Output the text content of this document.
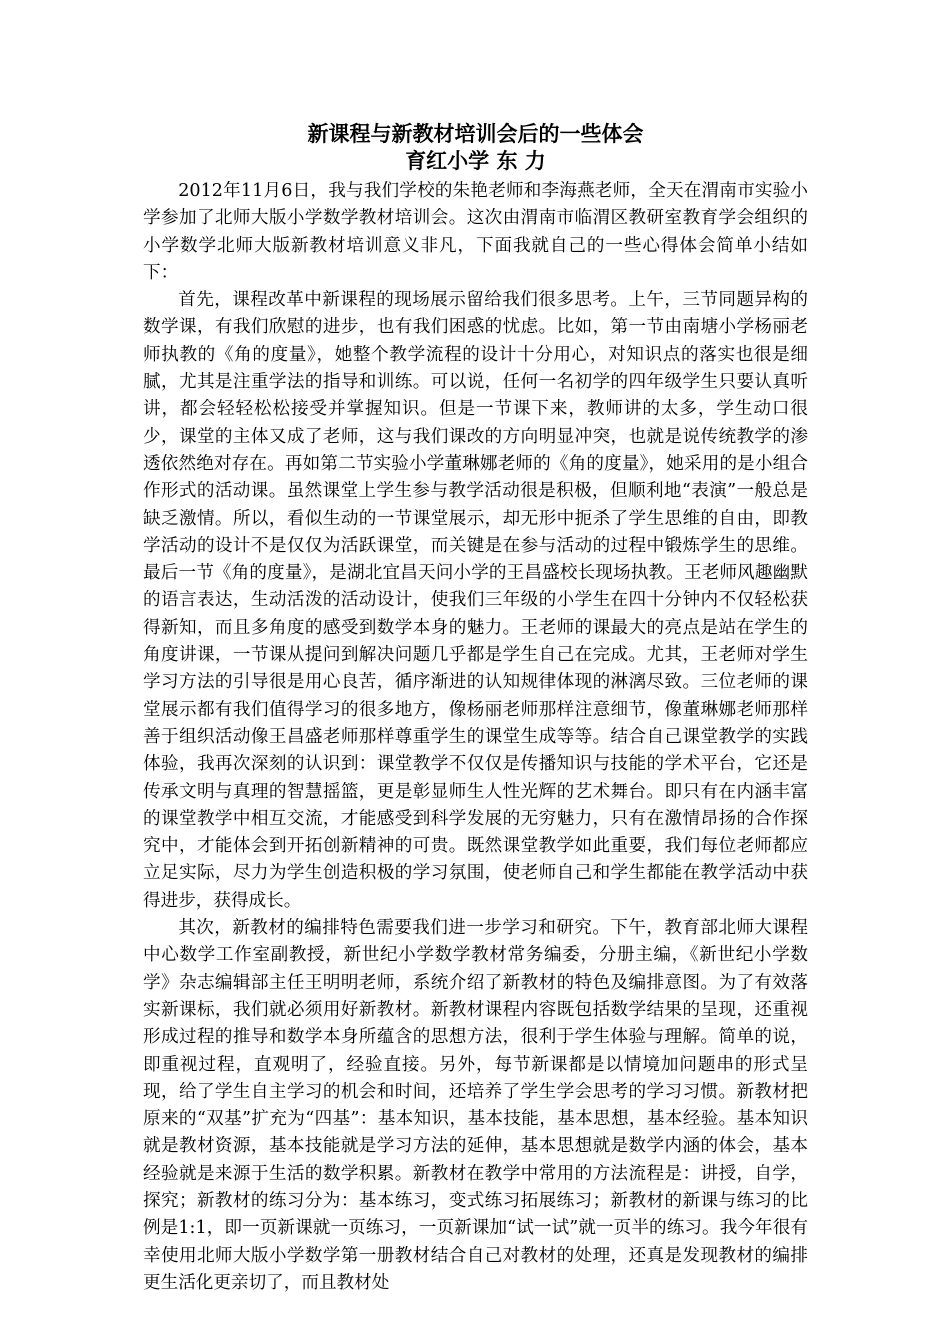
新课程与新教材培训会后的一些体会
育红小学 东 力

2012年11月6日，我与我们学校的朱艳老师和李海燕老师，全天在渭南市实验小学参加了北师大版小学数学教材培训会。这次由渭南市临渭区教研室教育学会组织的小学数学北师大版新教材培训意义非凡，下面我就自己的一些心得体会简单小结如下：

首先，课程改革中新课程的现场展示留给我们很多思考。上午，三节同题异构的数学课，有我们欣慰的进步，也有我们困惑的忧虑。比如，第一节由南塘小学杨丽老师执教的《角的度量》，她整个教学流程的设计十分用心，对知识点的落实也很是细腻，尤其是注重学法的指导和训练。可以说，任何一名初学的四年级学生只要认真听讲，都会轻轻松松接受并掌握知识。但是一节课下来，教师讲的太多，学生动口很少，课堂的主体又成了老师，这与我们课改的方向明显冲突，也就是说传统教学的渗透依然绝对存在。再如第二节实验小学董琳娜老师的《角的度量》，她采用的是小组合作形式的活动课。虽然课堂上学生参与教学活动很是积极，但顺利地“表演”一般总是缺乏激情。所以，看似生动的一节课堂展示，却无形中扼杀了学生思维的自由，即教学活动的设计不是仅仅为活跃课堂，而关键是在参与活动的过程中锻炼学生的思维。最后一节《角的度量》，是湖北宜昌天问小学的王昌盛校长现场执教。王老师风趣幽默的语言表达，生动活泼的活动设计，使我们三年级的小学生在四十分钟内不仅轻松获得新知，而且多角度的感受到数学本身的魅力。王老师的课最大的亮点是站在学生的角度讲课，一节课从提问到解决问题几乎都是学生自己在完成。尤其，王老师对学生学习方法的引导很是用心良苦，循序渐进的认知规律体现的淋漓尽致。三位老师的课堂展示都有我们值得学习的很多地方，像杨丽老师那样注意细节，像董琳娜老师那样善于组织活动像王昌盛老师那样尊重学生的课堂生成等等。结合自己课堂教学的实践体验，我再次深刻的认识到：课堂教学不仅仅是传播知识与技能的学术平台，它还是传承文明与真理的智慧摇篮，更是彰显师生人性光辉的艺术舞台。即只有在内涵丰富的课堂教学中相互交流，才能感受到科学发展的无穷魅力，只有在激情昂扬的合作探究中，才能体会到开拓创新精神的可贵。既然课堂教学如此重要，我们每位老师都应立足实际，尽力为学生创造积极的学习氛围，使老师自己和学生都能在教学活动中获得进步，获得成长。

其次，新教材的编排特色需要我们进一步学习和研究。下午，教育部北师大课程中心数学工作室副教授，新世纪小学数学教材常务编委，分册主编，《新世纪小学数学》杂志编辑部主任王明明老师，系统介绍了新教材的特色及编排意图。为了有效落实新课标，我们就必须用好新教材。新教材课程内容既包括数学结果的呈现，还重视形成过程的推导和数学本身所蕴含的思想方法，很利于学生体验与理解。简单的说，即重视过程，直观明了，经验直接。另外，每节新课都是以情境加问题串的形式呈现，给了学生自主学习的机会和时间，还培养了学生学会思考的学习习惯。新教材把原来的“双基”扩充为“四基”：基本知识，基本技能，基本思想，基本经验。基本知识就是教材资源，基本技能就是学习方法的延伸，基本思想就是数学内涵的体会，基本经验就是来源于生活的数学积累。新教材在教学中常用的方法流程是：讲授，自学，探究；新教材的练习分为：基本练习，变式练习拓展练习；新教材的新课与练习的比例是1:1，即一页新课就一页练习，一页新课加“试一试”就一页半的练习。我今年很有幸使用北师大版小学数学第一册教材结合自己对教材的处理，还真是发现教材的编排更生活化更亲切了，而且教材处
